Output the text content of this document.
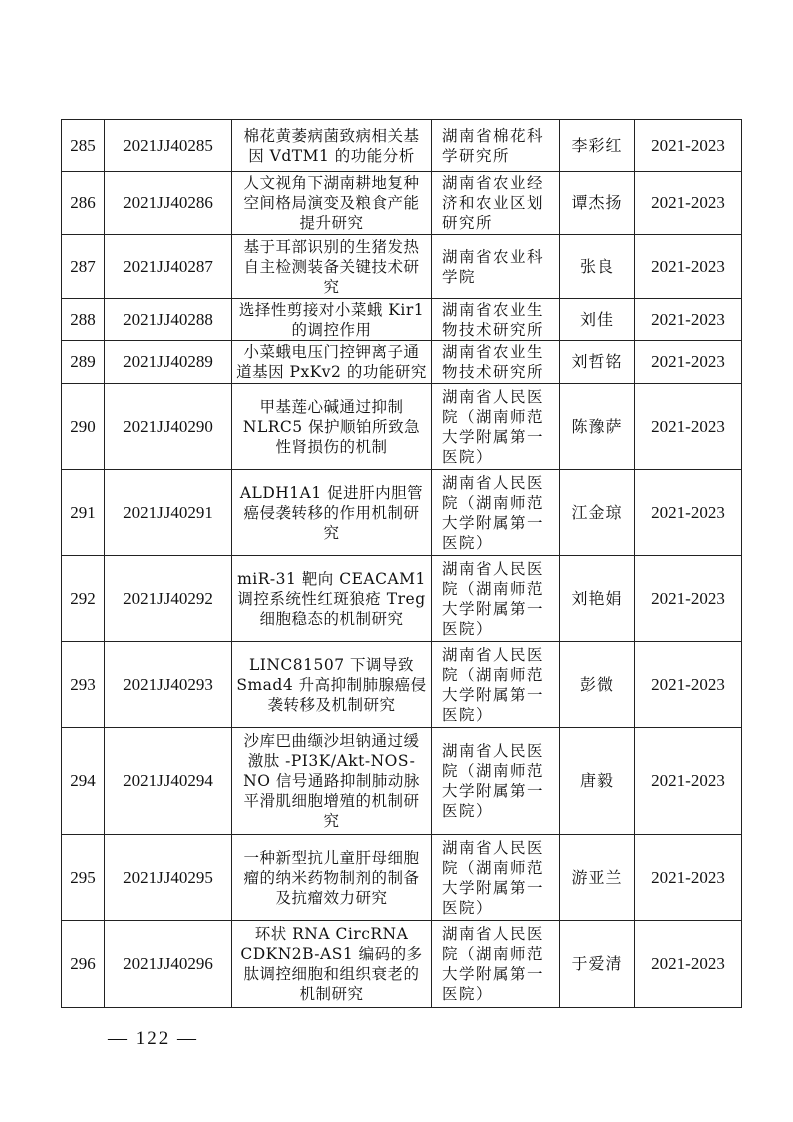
285	2021JJ40285	棉花黄萎病菌致病相关基因 VdTM1 的功能分析	湖南省棉花科学研究所	李彩红	2021-2023
286	2021JJ40286	人文视角下湖南耕地复种空间格局演变及粮食产能提升研究	湖南省农业经济和农业区划研究所	谭杰扬	2021-2023
287	2021JJ40287	基于耳部识别的生猪发热自主检测装备关键技术研究	湖南省农业科学院	张良	2021-2023
288	2021JJ40288	选择性剪接对小菜蛾 Kir1 的调控作用	湖南省农业生物技术研究所	刘佳	2021-2023
289	2021JJ40289	小菜蛾电压门控钾离子通道基因 PxKv2 的功能研究	湖南省农业生物技术研究所	刘哲铭	2021-2023
290	2021JJ40290	甲基莲心碱通过抑制 NLRC5 保护顺铂所致急性肾损伤的机制	湖南省人民医院（湖南师范大学附属第一医院）	陈豫萨	2021-2023
291	2021JJ40291	ALDH1A1 促进肝内胆管癌侵袭转移的作用机制研究	湖南省人民医院（湖南师范大学附属第一医院）	江金琼	2021-2023
292	2021JJ40292	miR-31 靶向 CEACAM1 调控系统性红斑狼疮 Treg 细胞稳态的机制研究	湖南省人民医院（湖南师范大学附属第一医院）	刘艳娟	2021-2023
293	2021JJ40293	LINC81507 下调导致 Smad4 升高抑制肺腺癌侵袭转移及机制研究	湖南省人民医院（湖南师范大学附属第一医院）	彭微	2021-2023
294	2021JJ40294	沙库巴曲缬沙坦钠通过缓激肽 -PI3K/Akt-NOS-NO 信号通路抑制肺动脉平滑肌细胞增殖的机制研究	湖南省人民医院（湖南师范大学附属第一医院）	唐毅	2021-2023
295	2021JJ40295	一种新型抗儿童肝母细胞瘤的纳米药物制剂的制备及抗瘤效力研究	湖南省人民医院（湖南师范大学附属第一医院）	游亚兰	2021-2023
296	2021JJ40296	环状 RNA CircRNA CDKN2B-AS1 编码的多肽调控细胞和组织衰老的机制研究	湖南省人民医院（湖南师范大学附属第一医院）	于爱清	2021-2023
— 122 —
